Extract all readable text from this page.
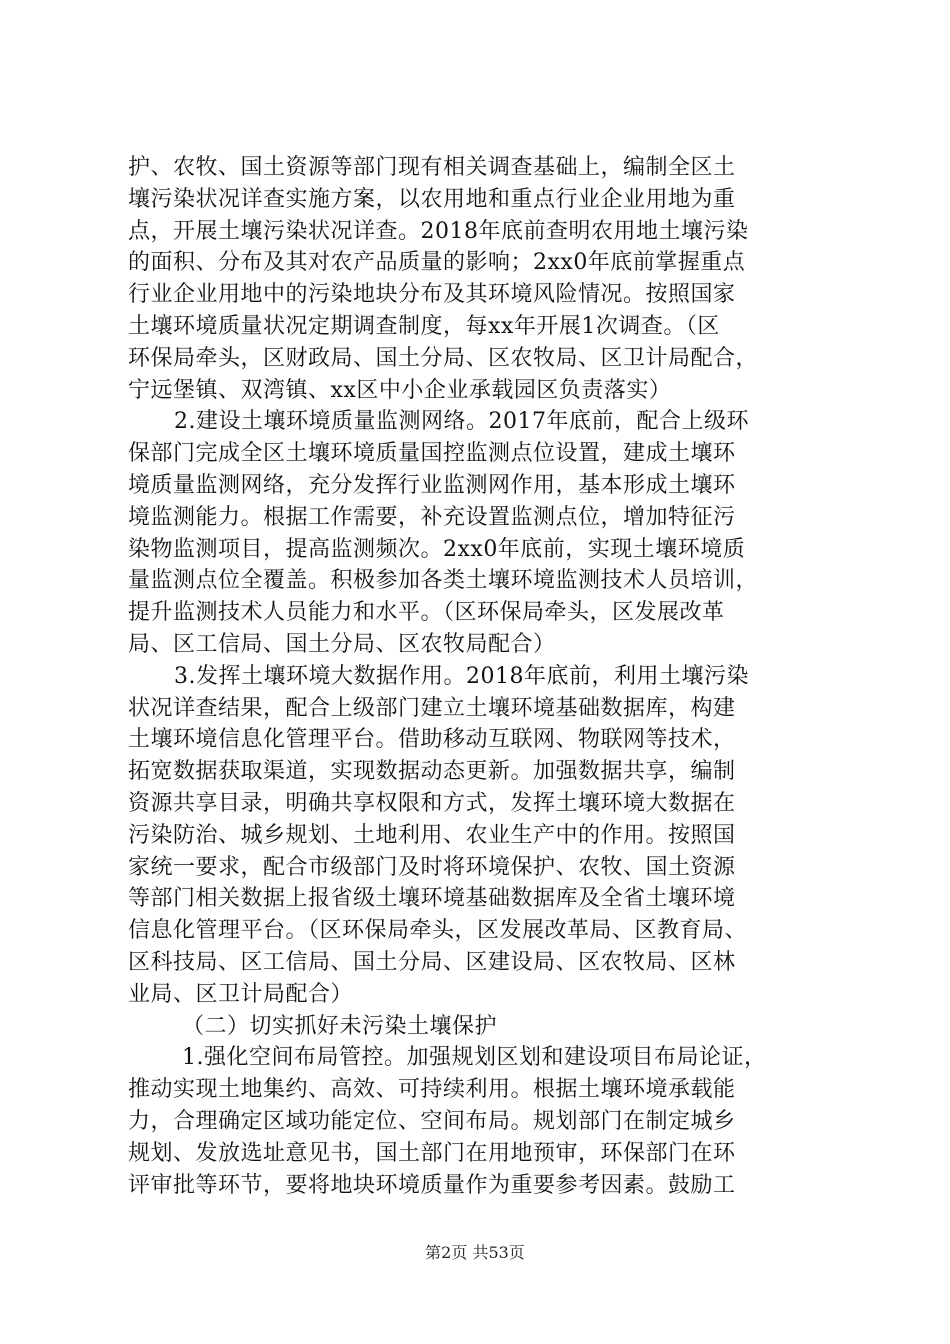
护、农牧、国土资源等部门现有相关调查基础上，编制全区土
壤污染状况详查实施方案，以农用地和重点行业企业用地为重
点，开展土壤污染状况详查。2018年底前查明农用地土壤污染
的面积、分布及其对农产品质量的影响；2xx0年底前掌握重点
行业企业用地中的污染地块分布及其环境风险情况。按照国家
土壤环境质量状况定期调查制度，每xx年开展1次调查。（区
环保局牵头，区财政局、国土分局、区农牧局、区卫计局配合，
宁远堡镇、双湾镇、xx区中小企业承载园区负责落实）
2.建设土壤环境质量监测网络。2017年底前，配合上级环
保部门完成全区土壤环境质量国控监测点位设置，建成土壤环
境质量监测网络，充分发挥行业监测网作用，基本形成土壤环
境监测能力。根据工作需要，补充设置监测点位，增加特征污
染物监测项目，提高监测频次。2xx0年底前，实现土壤环境质
量监测点位全覆盖。积极参加各类土壤环境监测技术人员培训，
提升监测技术人员能力和水平。（区环保局牵头，区发展改革
局、区工信局、国土分局、区农牧局配合）
3.发挥土壤环境大数据作用。2018年底前，利用土壤污染
状况详查结果，配合上级部门建立土壤环境基础数据库，构建
土壤环境信息化管理平台。借助移动互联网、物联网等技术，
拓宽数据获取渠道，实现数据动态更新。加强数据共享，编制
资源共享目录，明确共享权限和方式，发挥土壤环境大数据在
污染防治、城乡规划、土地利用、农业生产中的作用。按照国
家统一要求，配合市级部门及时将环境保护、农牧、国土资源
等部门相关数据上报省级土壤环境基础数据库及全省土壤环境
信息化管理平台。（区环保局牵头，区发展改革局、区教育局、
区科技局、区工信局、国土分局、区建设局、区农牧局、区林
业局、区卫计局配合）
（二）切实抓好未污染土壤保护
1.强化空间布局管控。加强规划区划和建设项目布局论证，
推动实现土地集约、高效、可持续利用。根据土壤环境承载能
力，合理确定区域功能定位、空间布局。规划部门在制定城乡
规划、发放选址意见书，国土部门在用地预审，环保部门在环
评审批等环节，要将地块环境质量作为重要参考因素。鼓励工
第2页 共53页
